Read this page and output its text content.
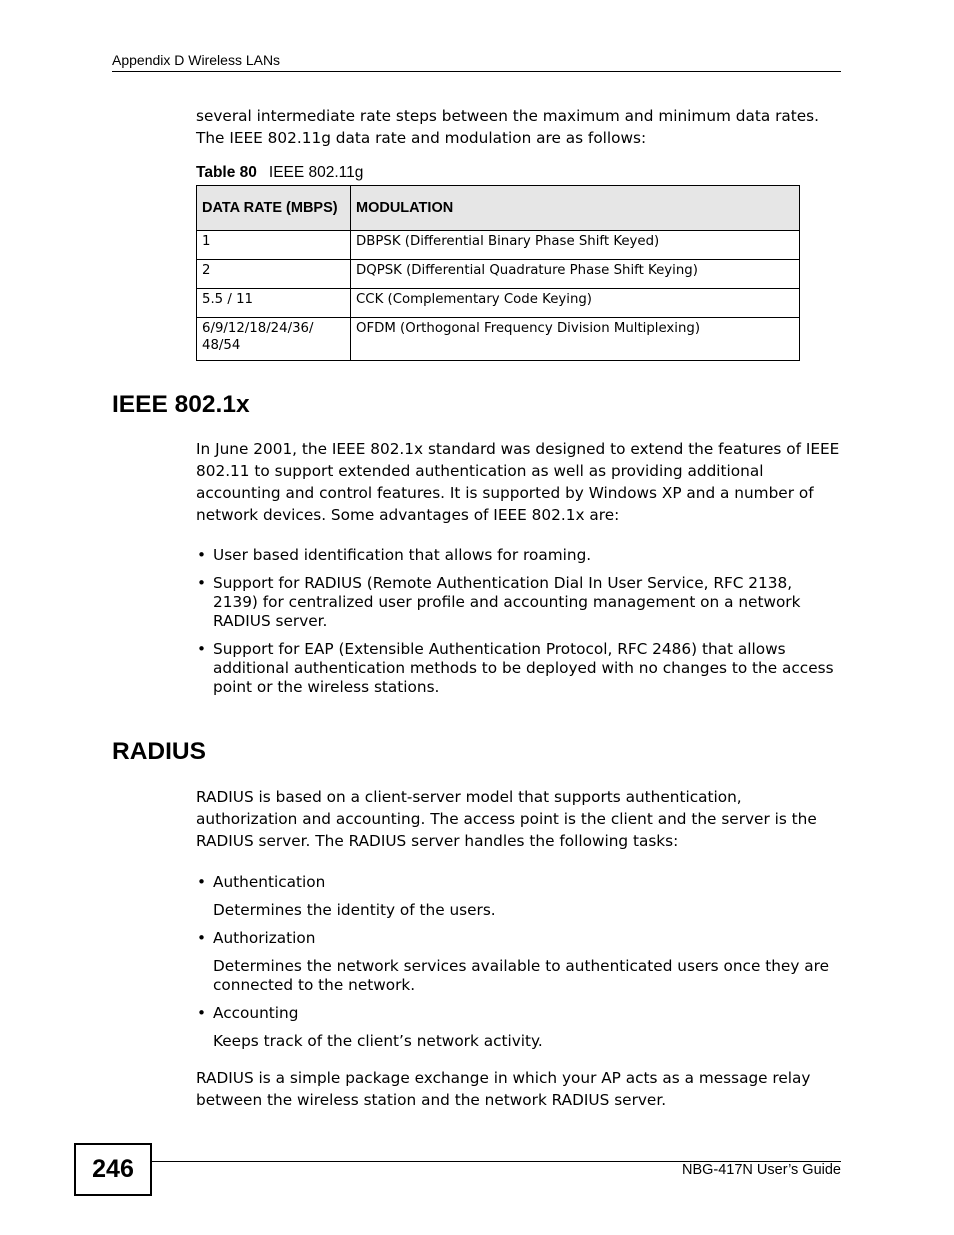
Appendix D Wireless LANs

several intermediate rate steps between the maximum and minimum data rates. The IEEE 802.11g data rate and modulation are as follows:

Table 80 IEEE 802.11g
DATA RATE (MBPS)	MODULATION
1	DBPSK (Differential Binary Phase Shift Keyed)
2	DQPSK (Differential Quadrature Phase Shift Keying)
5.5 / 11	CCK (Complementary Code Keying)
6/9/12/18/24/36/ 48/54	OFDM (Orthogonal Frequency Division Multiplexing)
IEEE 802.1x

In June 2001, the IEEE 802.1x standard was designed to extend the features of IEEE 802.11 to support extended authentication as well as providing additional accounting and control features. It is supported by Windows XP and a number of network devices. Some advantages of IEEE 802.1x are:

• User based identification that allows for roaming.
• Support for RADIUS (Remote Authentication Dial In User Service, RFC 2138, 2139) for centralized user profile and accounting management on a network RADIUS server.
• Support for EAP (Extensible Authentication Protocol, RFC 2486) that allows additional authentication methods to be deployed with no changes to the access point or the wireless stations.
RADIUS

RADIUS is based on a client-server model that supports authentication, authorization and accounting. The access point is the client and the server is the RADIUS server. The RADIUS server handles the following tasks:

• Authentication

Determines the identity of the users.

• Authorization

Determines the network services available to authenticated users once they are connected to the network.

• Accounting

Keeps track of the client’s network activity.

RADIUS is a simple package exchange in which your AP acts as a message relay between the wireless station and the network RADIUS server.

246	NBG-417N User’s Guide
